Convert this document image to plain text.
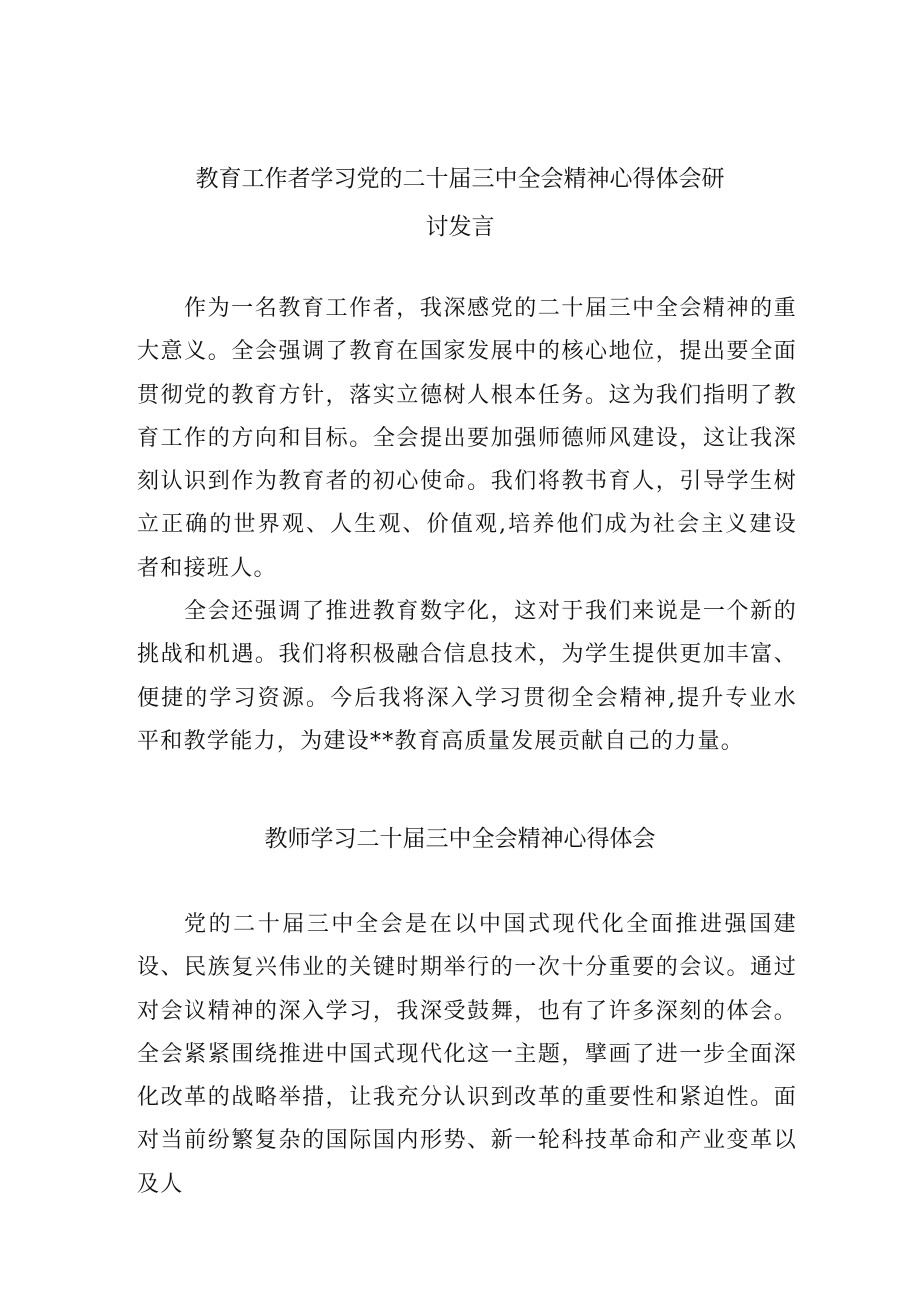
教育工作者学习党的二十届三中全会精神心得体会研
讨发言

作为一名教育工作者，我深感党的二十届三中全会精神的重大意义。全会强调了教育在国家发展中的核心地位，提出要全面贯彻党的教育方针，落实立德树人根本任务。这为我们指明了教育工作的方向和目标。全会提出要加强师德师风建设，这让我深刻认识到作为教育者的初心使命。我们将教书育人，引导学生树立正确的世界观、人生观、价值观,培养他们成为社会主义建设者和接班人。

全会还强调了推进教育数字化，这对于我们来说是一个新的挑战和机遇。我们将积极融合信息技术，为学生提供更加丰富、便捷的学习资源。今后我将深入学习贯彻全会精神,提升专业水平和教学能力，为建设**教育高质量发展贡献自己的力量。

教师学习二十届三中全会精神心得体会

党的二十届三中全会是在以中国式现代化全面推进强国建设、民族复兴伟业的关键时期举行的一次十分重要的会议。通过对会议精神的深入学习，我深受鼓舞，也有了许多深刻的体会。全会紧紧围绕推进中国式现代化这一主题，擘画了进一步全面深化改革的战略举措，让我充分认识到改革的重要性和紧迫性。面对当前纷繁复杂的国际国内形势、新一轮科技革命和产业变革以及人
